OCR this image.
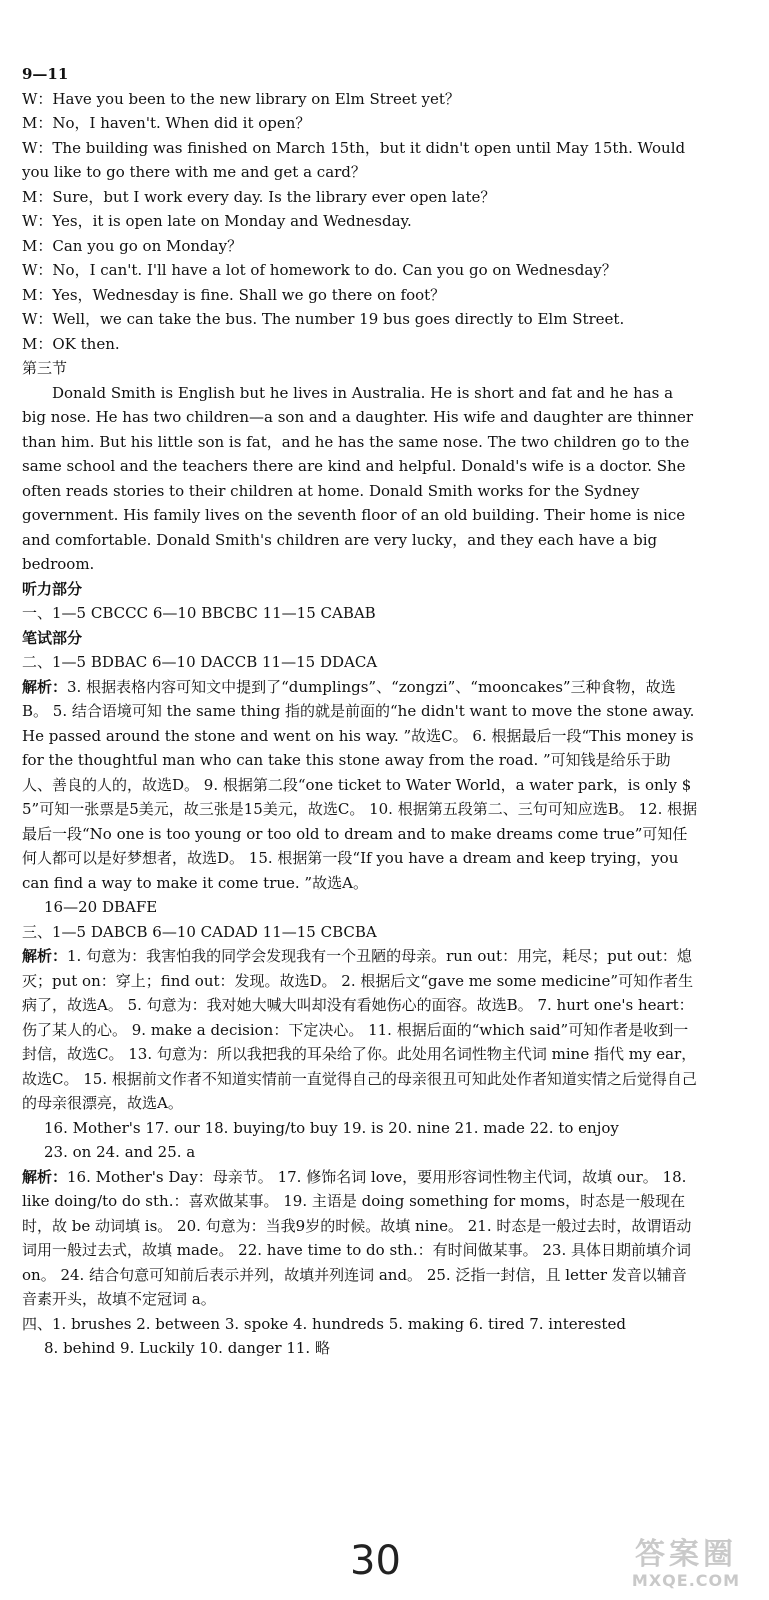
9—11
W：Have you been to the new library on Elm Street yet？
M：No，I haven't. When did it open？
W：The building was finished on March 15th，but it didn't open until May 15th. Would
you like to go there with me and get a card？
M：Sure，but I work every day. Is the library ever open late？
W：Yes，it is open late on Monday and Wednesday.
M：Can you go on Monday？
W：No，I can't. I'll have a lot of homework to do. Can you go on Wednesday？
M：Yes，Wednesday is fine. Shall we go there on foot？
W：Well，we can take the bus. The number 19 bus goes directly to Elm Street.
M：OK then.
第三节
Donald Smith is English but he lives in Australia. He is short and fat and he has a big nose. He has two children—a son and a daughter. His wife and daughter are thinner than him. But his little son is fat，and he has the same nose. The two children go to the same school and the teachers there are kind and helpful. Donald's wife is a doctor. She often reads stories to their children at home. Donald Smith works for the Sydney government. His family lives on the seventh floor of an old building. Their home is nice and comfortable. Donald Smith's children are very lucky，and they each have a big bedroom.
听力部分
一、1—5 CBCCC 6—10 BBCBC 11—15 CABAB
笔试部分
二、1—5 BDBAC 6—10 DACCB 11—15 DDACA
解析：3. 根据表格内容可知文中提到了“dumplings”、“zongzi”、“mooncakes”三种食物，故选B。 5. 结合语境可知 the same thing 指的就是前面的“he didn't want to move the stone away. He passed around the stone and went on his way. ”故选C。 6. 根据最后一段“This money is for the thoughtful man who can take this stone away from the road. ”可知钱是给乐于助人、善良的人的，故选D。 9. 根据第二段“one ticket to Water World，a water park，is only $ 5”可知一张票是5美元，故三张是15美元，故选C。 10. 根据第五段第二、三句可知应选B。 12. 根据最后一段“No one is too young or too old to dream and to make dreams come true”可知任何人都可以是好梦想者，故选D。 15. 根据第一段“If you have a dream and keep trying，you can find a way to make it come true. ”故选A。
16—20 DBAFE
三、1—5 DABCB 6—10 CADAD 11—15 CBCBA
解析：1. 句意为：我害怕我的同学会发现我有一个丑陋的母亲。run out：用完，耗尽；put out：熄灭；put on：穿上；find out：发现。故选D。 2. 根据后文“gave me some medicine”可知作者生病了，故选A。 5. 句意为：我对她大喊大叫却没有看她伤心的面容。故选B。 7. hurt one's heart：伤了某人的心。 9. make a decision：下定决心。 11. 根据后面的“which said”可知作者是收到一封信，故选C。 13. 句意为：所以我把我的耳朵给了你。此处用名词性物主代词 mine 指代 my ear，故选C。 15. 根据前文作者不知道实情前一直觉得自己的母亲很丑可知此处作者知道实情之后觉得自己的母亲很漂亮，故选A。
16. Mother's 17. our 18. buying/to buy 19. is 20. nine 21. made 22. to enjoy
23. on 24. and 25. a
解析：16. Mother's Day：母亲节。 17. 修饰名词 love，要用形容词性物主代词，故填 our。 18. like doing/to do sth.：喜欢做某事。 19. 主语是 doing something for moms，时态是一般现在时，故 be 动词填 is。 20. 句意为：当我9岁的时候。故填 nine。 21. 时态是一般过去时，故谓语动词用一般过去式，故填 made。 22. have time to do sth.：有时间做某事。 23. 具体日期前填介词 on。 24. 结合句意可知前后表示并列，故填并列连词 and。 25. 泛指一封信，且 letter 发音以辅音音素开头，故填不定冠词 a。
四、1. brushes 2. between 3. spoke 4. hundreds 5. making 6. tired 7. interested
8. behind 9. Luckily 10. danger 11. 略
30	答案圈
MXQE.COM
